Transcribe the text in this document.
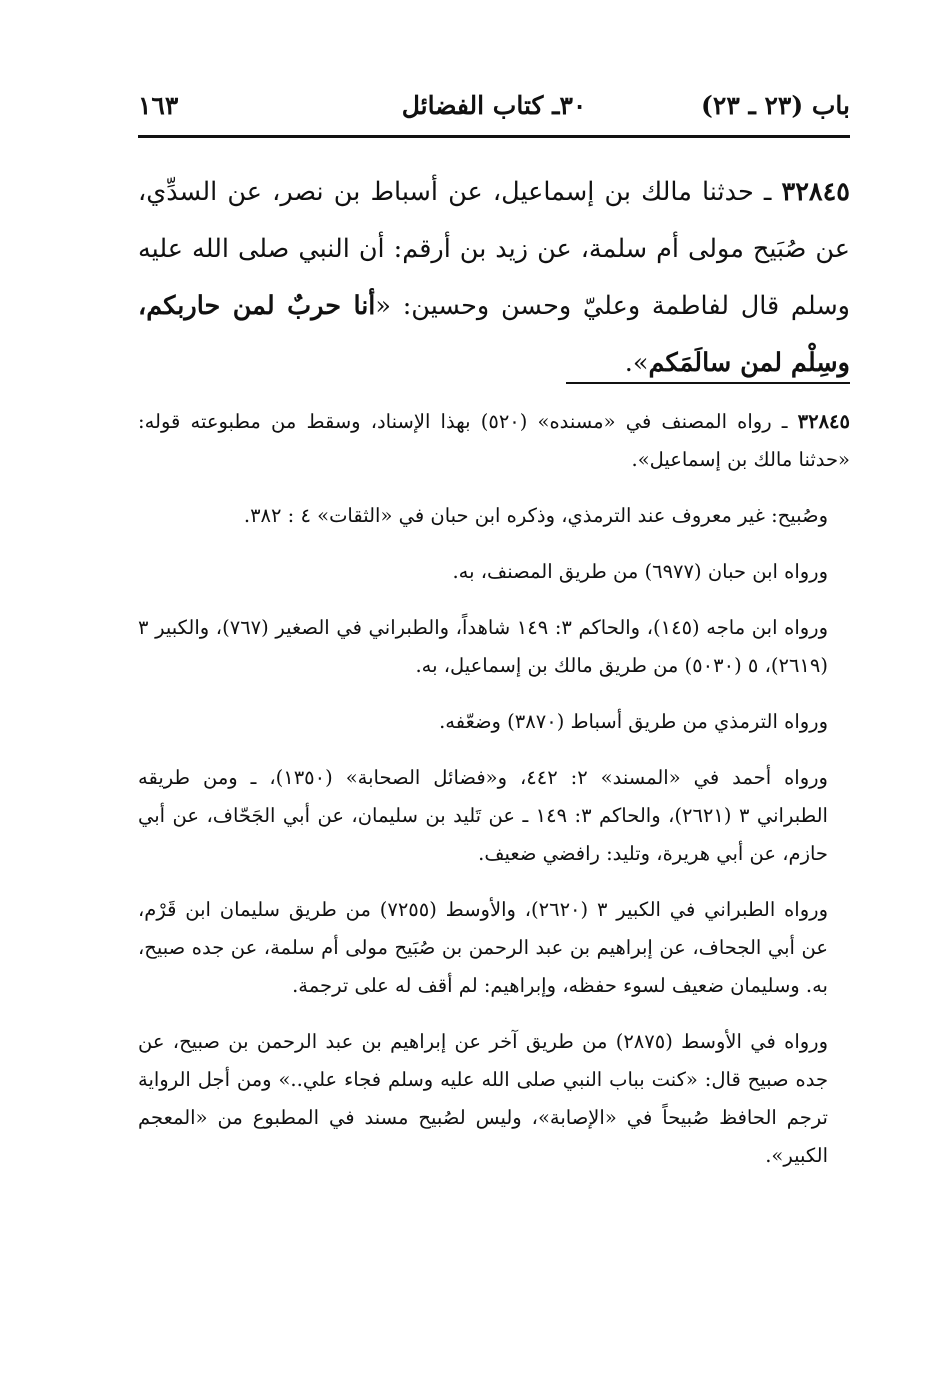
باب (٢٣ ـ ٢٣)
٣٠ـ كتاب الفضائل
١٦٣
٣٢٨٤٥ ـ حدثنا مالك بن إسماعيل، عن أسباط بن نصر، عن السدِّي، عن صُبَيح مولى أم سلمة، عن زيد بن أرقم: أن النبي صلى الله عليه وسلم قال لفاطمة وعليّ وحسن وحسين: «أنا حربٌ لمن حاربكم، وسِلْم لمن سالَمَكم».

٣٢٨٤٥ ـ رواه المصنف في «مسنده» (٥٢٠) بهذا الإسناد، وسقط من مطبوعته قوله: «حدثنا مالك بن إسماعيل».

وصُبيح: غير معروف عند الترمذي، وذكره ابن حبان في «الثقات» ٤ : ٣٨٢.

ورواه ابن حبان (٦٩٧٧) من طريق المصنف، به.

ورواه ابن ماجه (١٤٥)، والحاكم ٣: ١٤٩ شاهداً، والطبراني في الصغير (٧٦٧)، والكبير ٣ (٢٦١٩)، ٥ (٥٠٣٠) من طريق مالك بن إسماعيل، به.

ورواه الترمذي من طريق أسباط (٣٨٧٠) وضعّفه.

ورواه أحمد في «المسند» ٢: ٤٤٢، و«فضائل الصحابة» (١٣٥٠)، ـ ومن طريقه الطبراني ٣ (٢٦٢١)، والحاكم ٣: ١٤٩ ـ عن تَليد بن سليمان، عن أبي الجَحّاف، عن أبي حازم، عن أبي هريرة، وتليد: رافضي ضعيف.

ورواه الطبراني في الكبير ٣ (٢٦٢٠)، والأوسط (٧٢٥٥) من طريق سليمان ابن قَرْم، عن أبي الجحاف، عن إبراهيم بن عبد الرحمن بن صُبَيح مولى أم سلمة، عن جده صبيح، به. وسليمان ضعيف لسوء حفظه، وإبراهيم: لم أقف له على ترجمة.

ورواه في الأوسط (٢٨٧٥) من طريق آخر عن إبراهيم بن عبد الرحمن بن صبيح، عن جده صبيح قال: «كنت بباب النبي صلى الله عليه وسلم فجاء علي..» ومن أجل الرواية ترجم الحافظ صُبيحاً في «الإصابة»، وليس لصُبيح مسند في المطبوع من «المعجم الكبير».
